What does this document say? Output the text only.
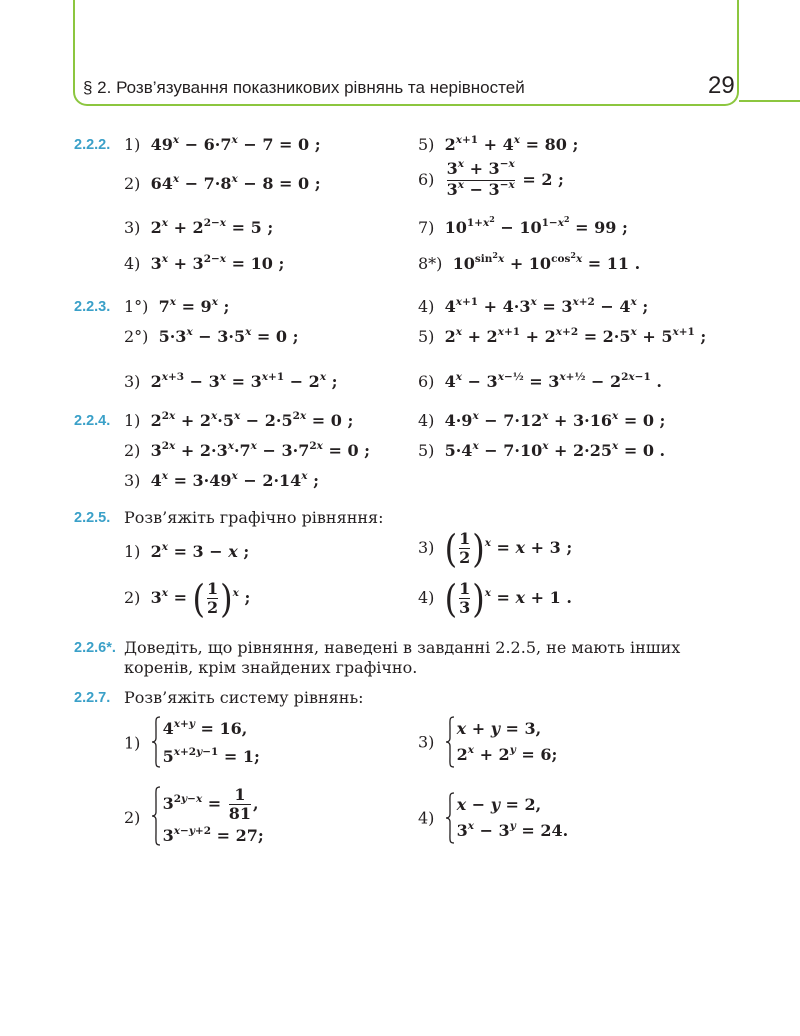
§ 2. Розв’язування показникових рівнянь та нерівностей	29
2.2.2. 1)  $49^x - 6\cdot 7^x - 7 = 0$ ;
2)  $64^x - 7\cdot 8^x - 8 = 0$ ;
3)  $2^x + 2^{2-x} = 5$ ;
4)  $3^x + 3^{2-x} = 10$ ;
5)  $2^{x+1} + 4^x = 80$ ;
$6) \frac{3^x + 3^{-x}}{3^x - 3^{-x}} = 2$ ;
7)  $10^{1+x^2} - 10^{1-x^2} = 99$ ;
8*)  $10^{sin^2x} + 10^{cos^2x} = 11$ .
2.2.3. 1°)  $7^x = 9^x$ ;
2°)  $5\cdot 3^x - 3\cdot 5^x = 0$ ;
3)  $2^{x+3} - 3^x = 3^{x+1} - 2^x$ ;
4)  $4^{x+1} + 4\cdot 3^x = 3^{x+2} - 4^x$ ;
5)  $2^x + 2^{x+1} + 2^{x+2} = 2\cdot 5^x + 5^{x+1}$ ;
6)  $4^x - 3^{x-\frac{1}{2}} = 3^{x+\frac{1}{2}} - 2^{2x-1}$ .
2.2.4. 1)  $2^{2x} + 2^x\cdot 5^x - 2\cdot 5^{2x} = 0$ ;
2)  $3^{2x} + 2\cdot 3^x\cdot 7^x - 3\cdot 7^{2x} = 0$ ;
3)  $4^x = 3\cdot 49^x - 2\cdot 14^x$ ;
4)  $4\cdot 9^x - 7\cdot 12^x + 3\cdot 16^x = 0$ ;
5)  $5\cdot 4^x - 7\cdot 10^x + 2\cdot 25^x = 0$ .
2.2.5. Розв’яжіть графічно рівняння:
1)  $2^x = 3 - x$ ;
2)  $3^x$ = ( $\frac{1}{2} )^x$ ;
3)  ( $\frac{1}{2} )^x = x + 3$ ;
4)  ( $\frac{1}{3} )^x = x + 1$ .
2.2.6*. Доведіть, що рівняння, наведені в завданні 2.2.5, не мають інших
коренів, крім знайдених графічно.
2.2.7. Розв’яжіть систему рівнянь:
1)
$4^{x+y} = 16$,
$5^{x+2y-1} = 1$;
2)
$3^{2y-x} = \frac{1}{81}$ ,
$3^{x-y+2} = 27$;
3)
x + y = 3,
$2^x + 2^y = 6$;
4)
x − y = 2,
$3^x - 3^y = 24$.
